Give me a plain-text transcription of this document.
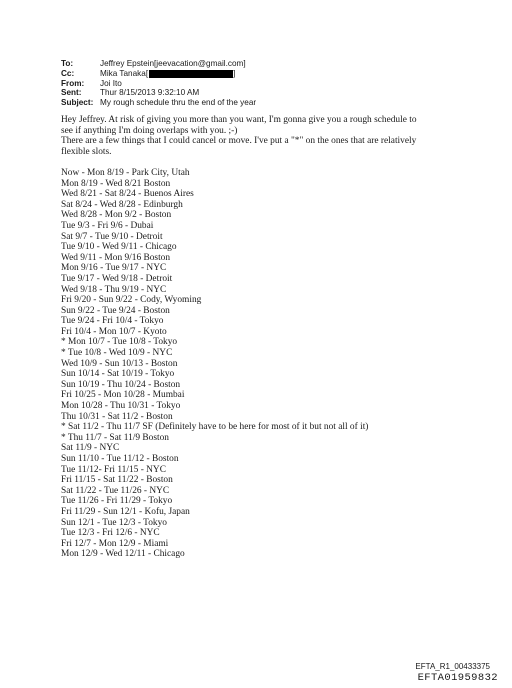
To:	Jeffrey Epstein[jeevacation@gmail.com]
Cc:	Mika Tanaka[	]
From:	Joi Ito
Sent:	Thur 8/15/2013 9:32:10 AM
Subject: My rough schedule thru the end of the year
Hey Jeffrey. At risk of giving you more than you want, I'm gonna give you a rough schedule to
see if anything I'm doing overlaps with you. ;-)
There are a few things that I could cancel or move. I've put a "*" on the ones that are relatively
flexible slots.
Now - Mon 8/19 - Park City, Utah
Mon 8/19 - Wed 8/21 Boston
Wed 8/21 - Sat 8/24 - Buenos Aires
Sat 8/24 - Wed 8/28 - Edinburgh
Wed 8/28 - Mon 9/2 - Boston
Tue 9/3 - Fri 9/6 - Dubai
Sat 9/7 - Tue 9/10 - Detroit
Tue 9/10 - Wed 9/11 - Chicago
Wed 9/11 - Mon 9/16 Boston
Mon 9/16 - Tue 9/17 - NYC
Tue 9/17 - Wed 9/18 - Detroit
Wed 9/18 - Thu 9/19 - NYC
Fri 9/20 - Sun 9/22 - Cody, Wyoming
Sun 9/22 - Tue 9/24 - Boston
Tue 9/24 - Fri 10/4 - Tokyo
Fri 10/4 - Mon 10/7 - Kyoto
* Mon 10/7 - Tue 10/8 - Tokyo
* Tue 10/8 - Wed 10/9 - NYC
Wed 10/9 - Sun 10/13 - Boston
Sun 10/14 - Sat 10/19 - Tokyo
Sun 10/19 - Thu 10/24 - Boston
Fri 10/25 - Mon 10/28 - Mumbai
Mon 10/28 - Thu 10/31 - Tokyo
Thu 10/31 - Sat 11/2 - Boston
* Sat 11/2 - Thu 11/7 SF (Definitely have to be here for most of it but not all of it)
* Thu 11/7 - Sat 11/9 Boston
Sat 11/9 - NYC
Sun 11/10 - Tue 11/12 - Boston
Tue 11/12- Fri 11/15 - NYC
Fri 11/15 - Sat 11/22 - Boston
Sat 11/22 - Tue 11/26 - NYC
Tue 11/26 - Fri 11/29 - Tokyo
Fri 11/29 - Sun 12/1 - Kofu, Japan
Sun 12/1 - Tue 12/3 - Tokyo
Tue 12/3 - Fri 12/6 - NYC
Fri 12/7 - Mon 12/9 - Miami
Mon 12/9 - Wed 12/11 - Chicago
EFTA_R1_00433375
EFTA01959832
